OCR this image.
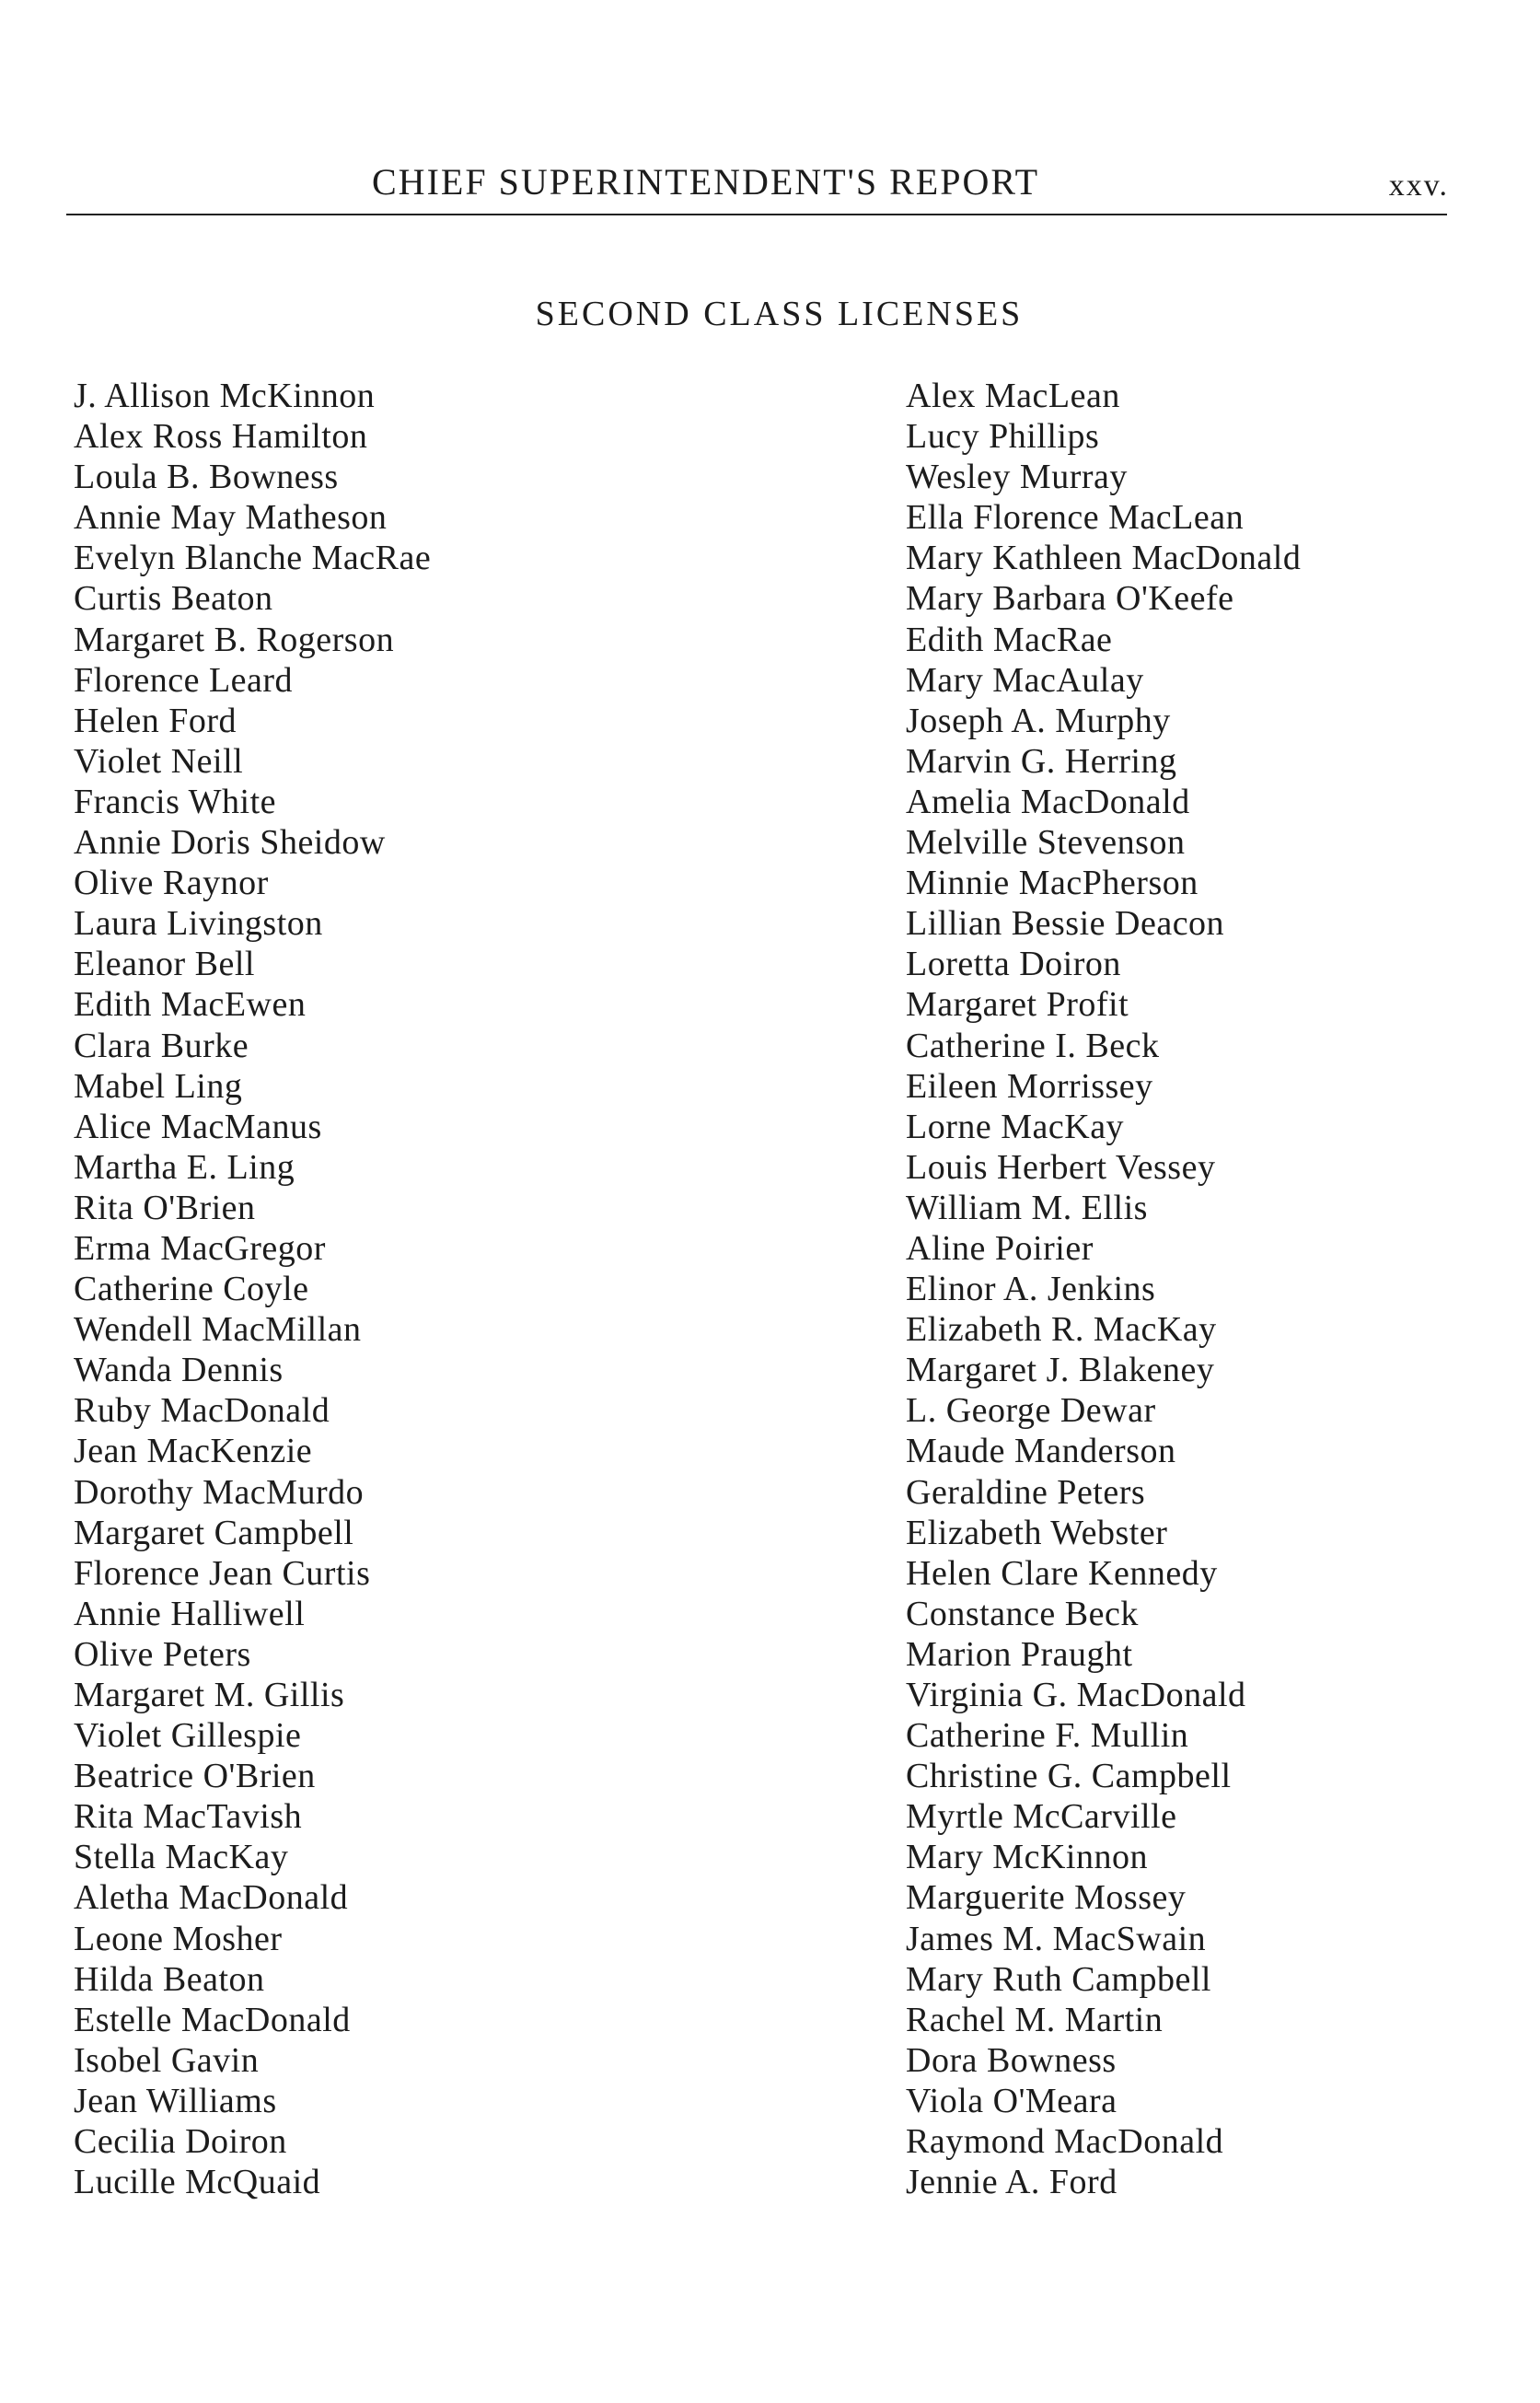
CHIEF SUPERINTENDENT'S REPORT	xxv.
SECOND CLASS LICENSES
J. Allison McKinnon
Alex Ross Hamilton
Loula B. Bowness
Annie May Matheson
Evelyn Blanche MacRae
Curtis Beaton
Margaret B. Rogerson
Florence Leard
Helen Ford
Violet Neill
Francis White
Annie Doris Sheidow
Olive Raynor
Laura Livingston
Eleanor Bell
Edith MacEwen
Clara Burke
Mabel Ling
Alice MacManus
Martha E. Ling
Rita O'Brien
Erma MacGregor
Catherine Coyle
Wendell MacMillan
Wanda Dennis
Ruby MacDonald
Jean MacKenzie
Dorothy MacMurdo
Margaret Campbell
Florence Jean Curtis
Annie Halliwell
Olive Peters
Margaret M. Gillis
Violet Gillespie
Beatrice O'Brien
Rita MacTavish
Stella MacKay
Aletha MacDonald
Leone Mosher
Hilda Beaton
Estelle MacDonald
Isobel Gavin
Jean Williams
Cecilia Doiron
Lucille McQuaid
Alex MacLean
Lucy Phillips
Wesley Murray
Ella Florence MacLean
Mary Kathleen MacDonald
Mary Barbara O'Keefe
Edith MacRae
Mary MacAulay
Joseph A. Murphy
Marvin G. Herring
Amelia MacDonald
Melville Stevenson
Minnie MacPherson
Lillian Bessie Deacon
Loretta Doiron
Margaret Profit
Catherine I. Beck
Eileen Morrissey
Lorne MacKay
Louis Herbert Vessey
William M. Ellis
Aline Poirier
Elinor A. Jenkins
Elizabeth R. MacKay
Margaret J. Blakeney
L. George Dewar
Maude Manderson
Geraldine Peters
Elizabeth Webster
Helen Clare Kennedy
Constance Beck
Marion Praught
Virginia G. MacDonald
Catherine F. Mullin
Christine G. Campbell
Myrtle McCarville
Mary McKinnon
Marguerite Mossey
James M. MacSwain
Mary Ruth Campbell
Rachel M. Martin
Dora Bowness
Viola O'Meara
Raymond MacDonald
Jennie A. Ford
